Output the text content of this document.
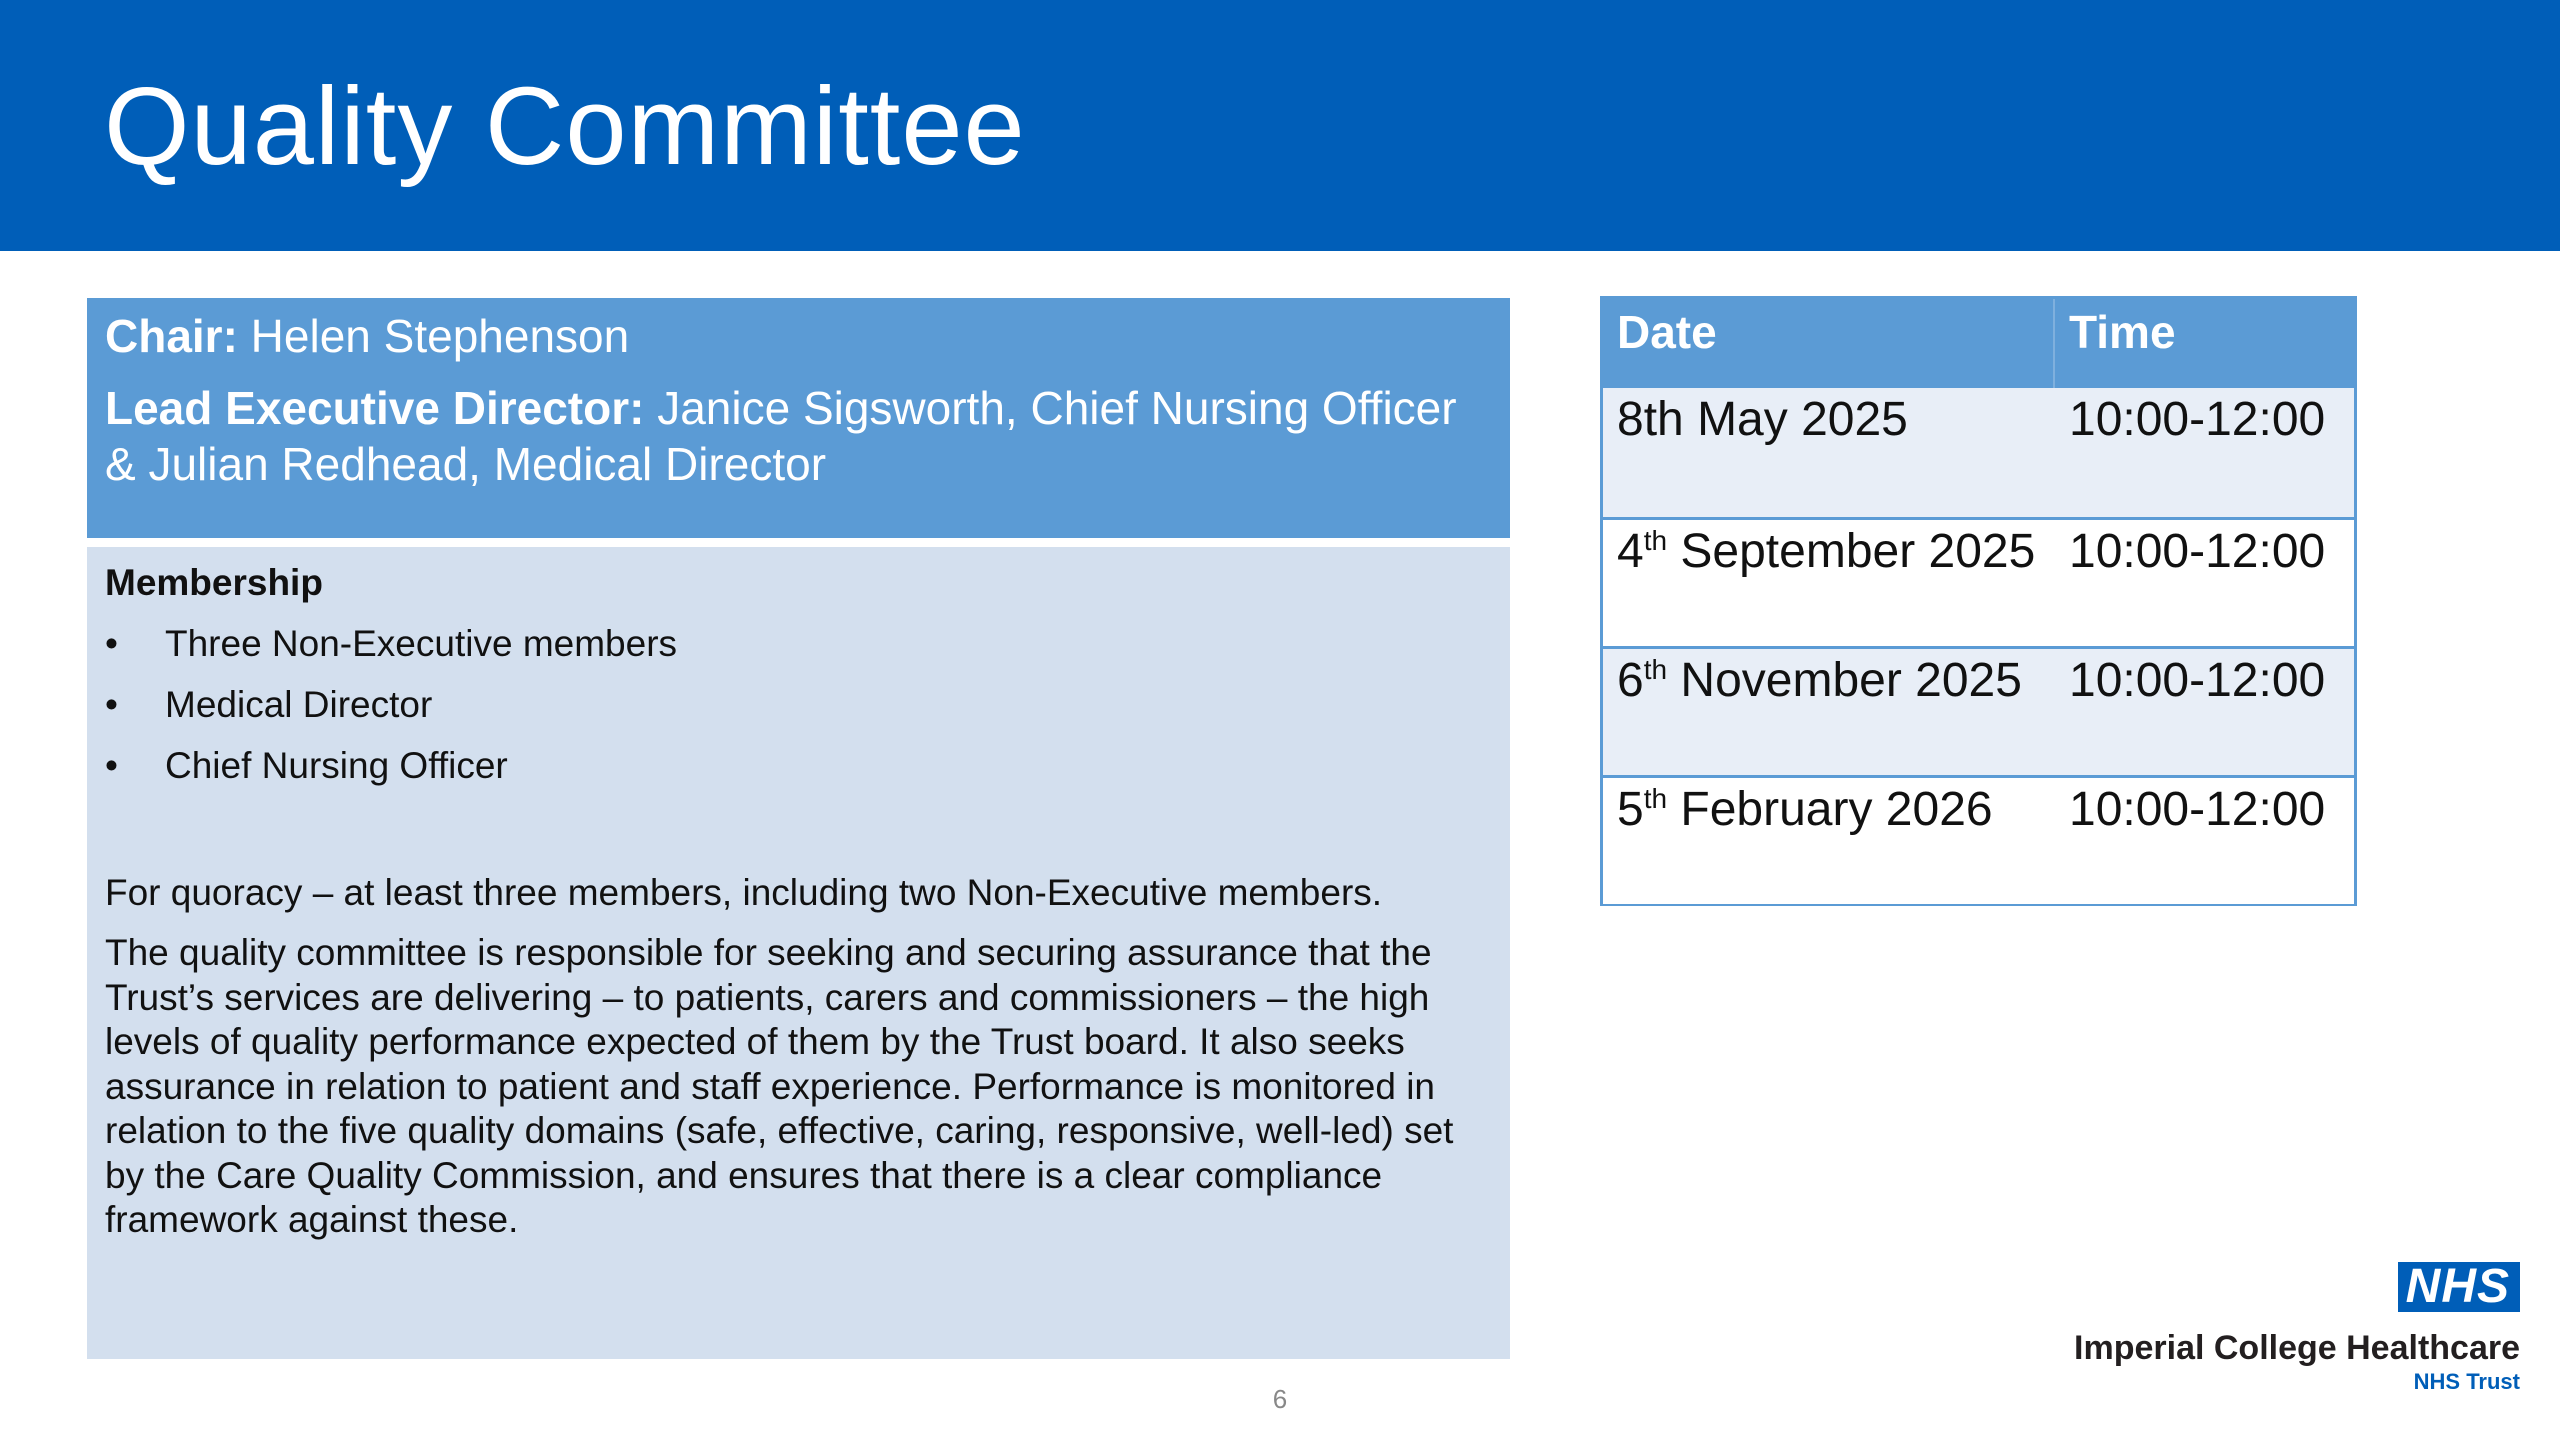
Quality Committee

Chair: Helen Stephenson

Lead Executive Director: Janice Sigsworth, Chief Nursing Officer & Julian Redhead, Medical Director

Membership

•	Three Non-Executive members
•	Medical Director
•	Chief Nursing Officer

For quoracy – at least three members, including two Non-Executive members.

The quality committee is responsible for seeking and securing assurance that the Trust’s services are delivering – to patients, carers and commissioners – the high levels of quality performance expected of them by the Trust board. It also seeks assurance in relation to patient and staff experience. Performance is monitored in relation to the five quality domains (safe, effective, caring, responsive, well-led) set by the Care Quality Commission, and ensures that there is a clear compliance framework against these.

Date	Time
8th May 2025	10:00-12:00
4th September 2025 10:00-12:00
6th November 2025 10:00-12:00
5th February 2026	10:00-12:00
6
NHS
Imperial College Healthcare
NHS Trust
